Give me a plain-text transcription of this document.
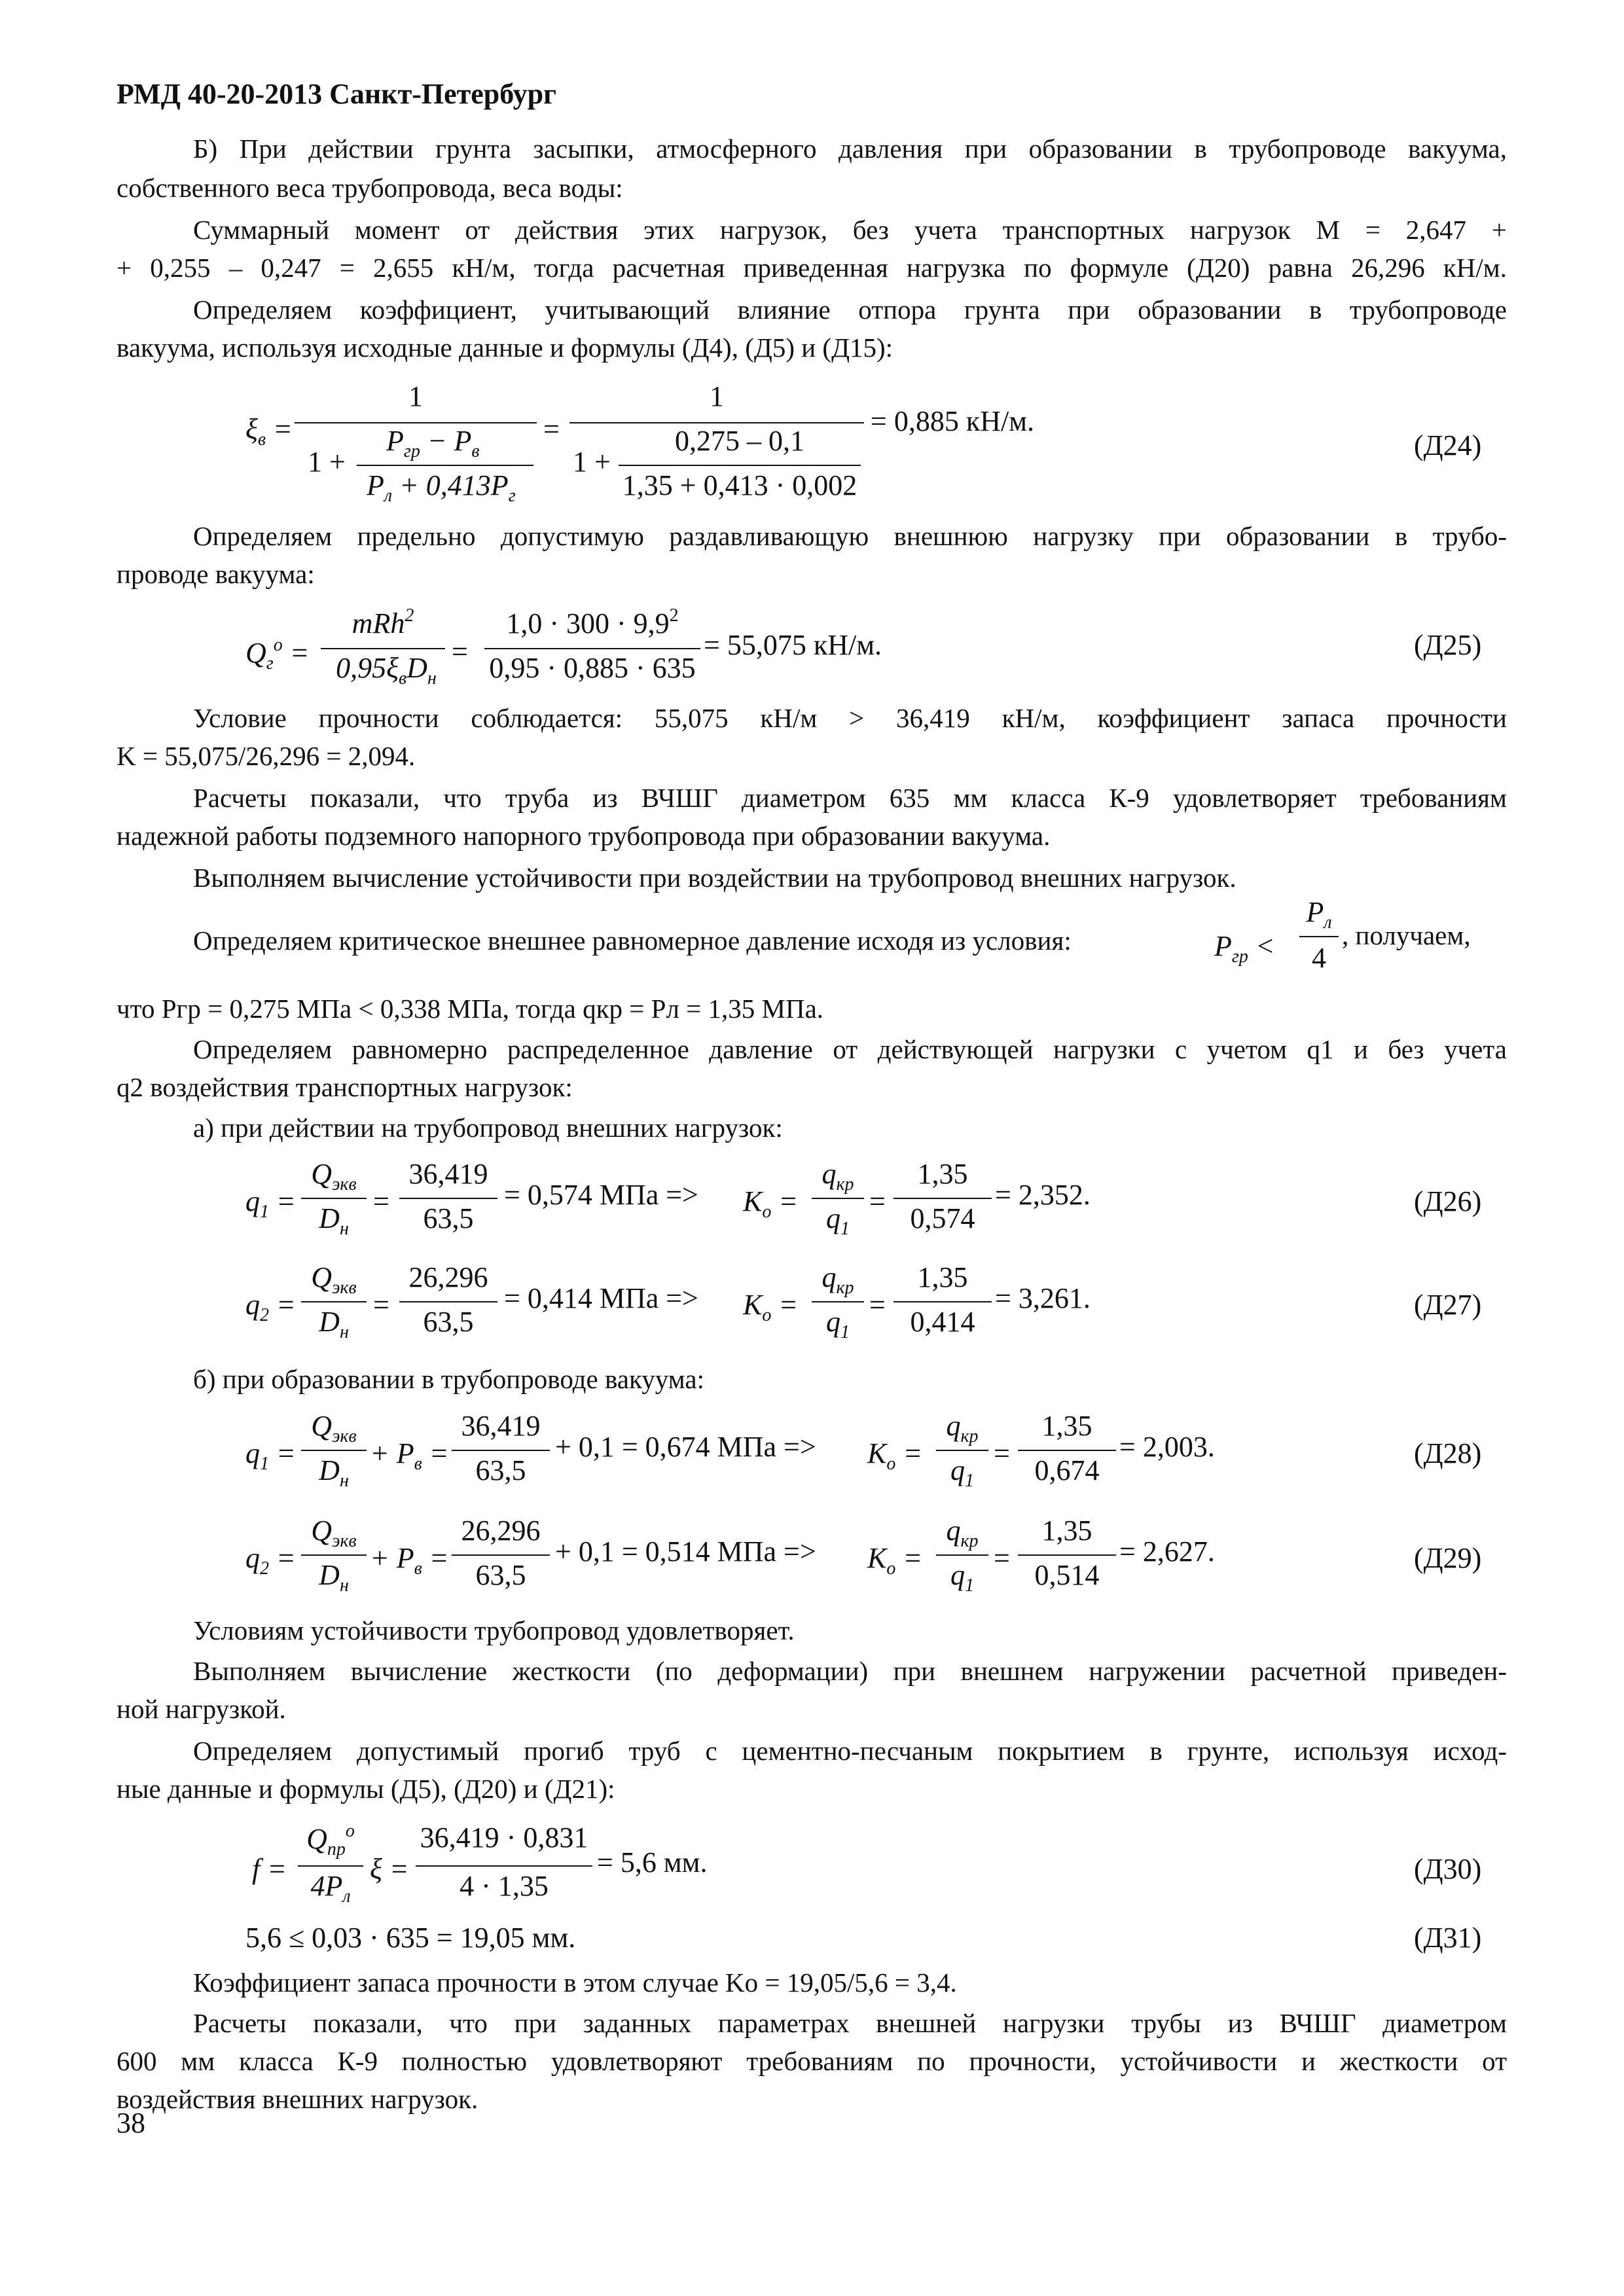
РМД 40-20-2013 Санкт-Петербург
Б) При действии грунта засыпки, атмосферного давления при образовании в трубопроводе вакуума,
собственного веса трубопровода, веса воды:
Суммарный момент от действия этих нагрузок, без учета транспортных нагрузок M = 2,647 +
+ 0,255 – 0,247 = 2,655 кН/м, тогда расчетная приведенная нагрузка по формуле (Д20) равна 26,296 кН/м.
Определяем коэффициент, учитывающий влияние отпора грунта при образовании в трубопроводе
вакуума, используя исходные данные и формулы (Д4), (Д5) и (Д15):
$\xi_в$ =
1
1 +
$P_{гр} - P_в$
$P_л + 0,413P_г$
=
1
1 +
0,275 – 0,1
1,35 + 0,413 · 0,002
= 0,885 кН/м.
(Д24)
Определяем предельно допустимую раздавливающую внешнюю нагрузку при образовании в трубо-
проводе вакуума:
$Q_г^o$ =
mRh$^2$
$0,95\xi_вD_н$
=
$1,0 \cdot 300 \cdot 9,9^2$
0,95 · 0,885 · 635
= 55,075 кН/м.	(Д25)
Условие прочности соблюдается: 55,075 кН/м > 36,419 кН/м, коэффициент запаса прочности
K = 55,075/26,296 = 2,094.
Расчеты показали, что труба из ВЧШГ диаметром 635 мм класса К-9 удовлетворяет требованиям
надежной работы подземного напорного трубопровода при образовании вакуума.
Выполняем вычисление устойчивости при воздействии на трубопровод внешних нагрузок.
Определяем критическое внешнее равномерное давление исходя из условия:	$P_{гр}$ <
$P_л$
4
, получаем,
что Pгр = 0,275 МПа < 0,338 МПа, тогда qкр = Pл = 1,35 МПа.
Определяем равномерно распределенное давление от действующей нагрузки с учетом q1 и без учета
q2 воздействия транспортных нагрузок:
а) при действии на трубопровод внешних нагрузок:
$q_1$ =
$Q_{экв}$
$D_н$
=
36,419
63,5
= 0,574 МПа => $K_o$ =
$q_{кр}$
$q_1$
=
1,35
0,574
= 2,352.	(Д26)
$q_2$ =
$Q_{экв}$
$D_н$
=
26,296
63,5
= 0,414 МПа => $K_o$ =
$q_{кр}$
$q_1$
=
1,35
0,414
= 3,261.	(Д27)
б) при образовании в трубопроводе вакуума:
$q_1$ =
$Q_{экв}$
$D_н$
+ $P_в$ =
36,419
63,5
+ 0,1 = 0,674 МПа => $K_o$ =
$q_{кр}$
$q_1$
=
1,35
0,674
= 2,003.	(Д28)
$q_2$ =
$Q_{экв}$
$D_н$
+ $P_в$ =
26,296
63,5
+ 0,1 = 0,514 МПа => $K_o$ =
$q_{кр}$
$q_1$
=
1,35
0,514
= 2,627.	(Д29)
Условиям устойчивости трубопровод удовлетворяет.
Выполняем вычисление жесткости (по деформации) при внешнем нагружении расчетной приведен-
ной нагрузкой.
Определяем допустимый прогиб труб с цементно-песчаным покрытием в грунте, используя исход-
ные данные и формулы (Д5), (Д20) и (Д21):
f =
$Q_{пр}^o$
$4P_л$
ξ =
36,419 · 0,831
4 · 1,35
= 5,6 мм.	(Д30)
5,6 ≤ 0,03 · 635 = 19,05 мм.	(Д31)
Коэффициент запаса прочности в этом случае Ko = 19,05/5,6 = 3,4.
Расчеты показали, что при заданных параметрах внешней нагрузки трубы из ВЧШГ диаметром
600 мм класса К-9 полностью удовлетворяют требованиям по прочности, устойчивости и жесткости от
воздействия внешних нагрузок.
38
